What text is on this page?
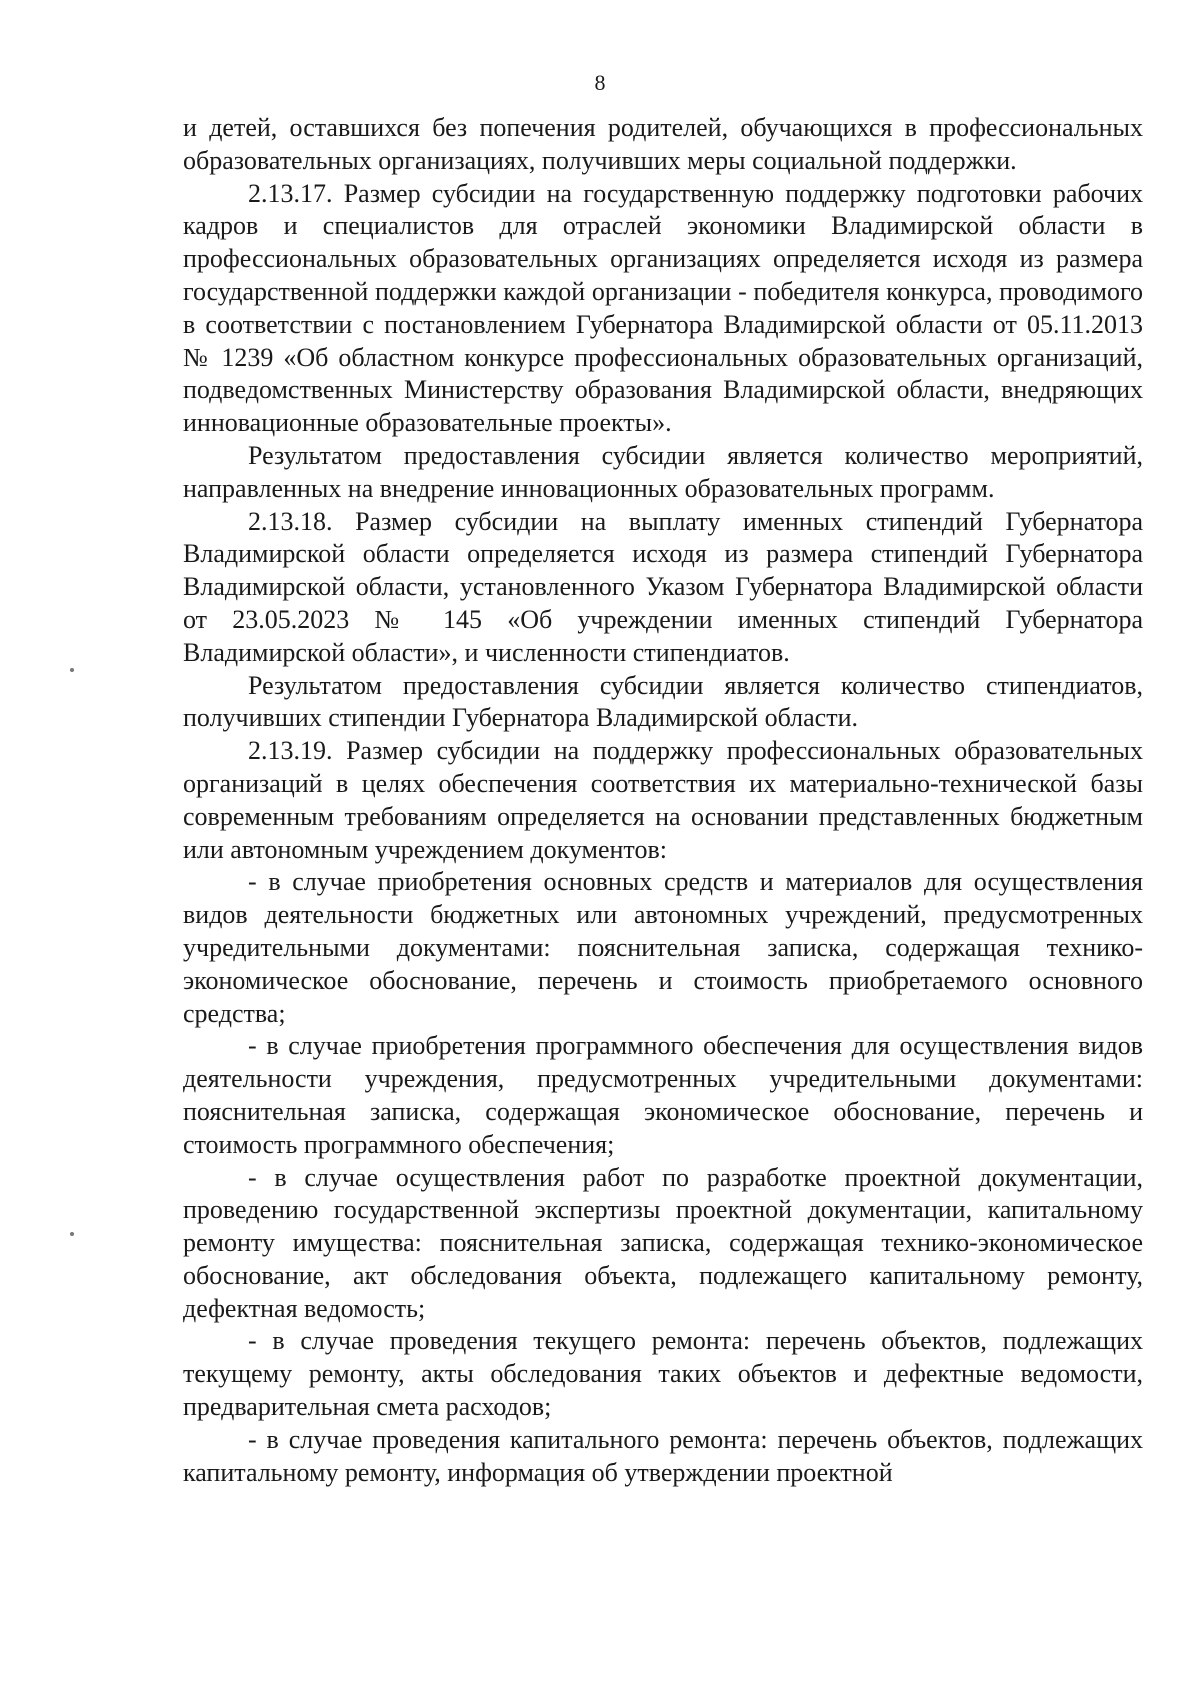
8

и детей, оставшихся без попечения родителей, обучающихся в профессиональных образовательных организациях, получивших меры социальной поддержки.

2.13.17. Размер субсидии на государственную поддержку подготовки рабочих кадров и специалистов для отраслей экономики Владимирской области в профессиональных образовательных организациях определяется исходя из размера государственной поддержки каждой организации - победителя конкурса, проводимого в соответствии с постановлением Губернатора Владимирской области от 05.11.2013 № 1239 «Об областном конкурсе профессиональных образовательных организаций, подведомственных Министерству образования Владимирской области, внедряющих инновационные образовательные проекты».

Результатом предоставления субсидии является количество мероприятий, направленных на внедрение инновационных образовательных программ.

2.13.18. Размер субсидии на выплату именных стипендий Губернатора Владимирской области определяется исходя из размера стипендий Губернатора Владимирской области, установленного Указом Губернатора Владимирской области от 23.05.2023 № 145 «Об учреждении именных стипендий Губернатора Владимирской области», и численности стипендиатов.

Результатом предоставления субсидии является количество стипендиатов, получивших стипендии Губернатора Владимирской области.

2.13.19. Размер субсидии на поддержку профессиональных образовательных организаций в целях обеспечения соответствия их материально-технической базы современным требованиям определяется на основании представленных бюджетным или автономным учреждением документов:

- в случае приобретения основных средств и материалов для осуществления видов деятельности бюджетных или автономных учреждений, предусмотренных учредительными документами: пояснительная записка, содержащая технико-экономическое обоснование, перечень и стоимость приобретаемого основного средства;

- в случае приобретения программного обеспечения для осуществления видов деятельности учреждения, предусмотренных учредительными документами: пояснительная записка, содержащая экономическое обоснование, перечень и стоимость программного обеспечения;

- в случае осуществления работ по разработке проектной документации, проведению государственной экспертизы проектной документации, капитальному ремонту имущества: пояснительная записка, содержащая технико-экономическое обоснование, акт обследования объекта, подлежащего капитальному ремонту, дефектная ведомость;

- в случае проведения текущего ремонта: перечень объектов, подлежащих текущему ремонту, акты обследования таких объектов и дефектные ведомости, предварительная смета расходов;

- в случае проведения капитального ремонта: перечень объектов, подлежащих капитальному ремонту, информация об утверждении проектной
